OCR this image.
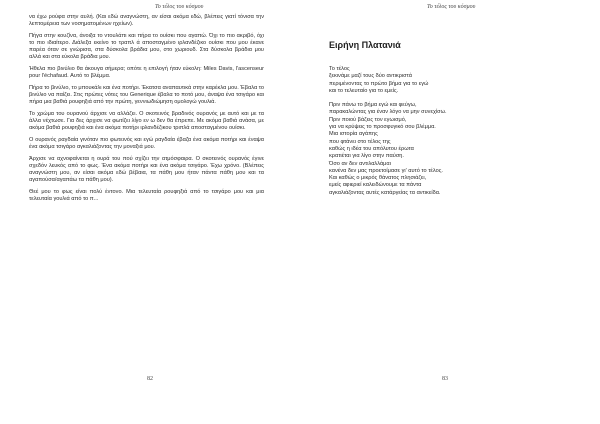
Το τέλος του κόσμου

να έχω ρούφα στην αυλή. (Και εδώ αναγνώστη, αν είσαι ακόμα εδώ, βλέπεις γιατί τόνισα την λεπτομέρεια των νοσηματομένων ηχείων).

Πήγα στην κουζίνα, άνοιξα το ντουλάπι και πήρα το ουίσκι που αγαπώ. Όχι το πιο ακριβό, όχι το πιο ιδιαίτερο. Διάλεξα εκείνο το τραπλ ά αποσταγμένο ιρλανδέζικο ουίσκι που μου έκανε παρέα όταν σε γνώρισα, στα δύσκολα βράδια μου, στο χωριουδ. Στα δύσκολα βράδια μου αλλά και στα εύκολα βράδια μου.

Ήθελα πιο βινύλιο θα άκουγα σήμερα; οπότε η επιλογή ήταν εύκολη: Miles Davis, l'ascenseur pour l'échafaud. Αυτό το βλέμμα.

Πήρα το βινύλιο, το μπουκάλι και ένα ποτήρι. Έκατσα αναπαυτικά στην καρέκλα μου. Έβαλα το βινύλιο να παίζει. Στις πρώτες νότες του Generique έβαλα το ποτό μου, άναψα ένα τσιγάρο και πήρα μια βαθιά ρουφηξιά από την πρώτη, γεννιωδιώμηση ομολογώ γουλιά.

Το χρώμα του ουρανού άρχισε να αλλάζει. Ο σκοτεινός βραδινός ουρανός με αυτό και με τα άλλα νέχτωσε. Για δες άρχισε να φωτίζει λίγο εν ω δεν θα έπρεπε. Με ακόμα βαθιά ανάσα, με ακόμα βαθιά ρουφηξιά και ένα ακόμα ποτήρι ιρλανδέζικου τριπλά αποσταγμένου ουίσκι.

Ο ουρανός ραγδαία γινόταν πιο φωτεινός και εγώ ραγδαία έβαζα ένα ακόμα ποτήρι και έναψα ένα ακόμα τσιγάρο αγκαλιάζοντας την μοναξιά μου.

Άρχισε να αχνοφαίνεται η ουρά του πού σχίζει την ατμόσφαιρα. Ο σκοτεινός ουρανός έγινε σχεδόν λευκός από το φως. Ένα ακόμα ποτήρι και ένα ακόμα τσιγάρο. Έχω χρόνο. (Βλέπεις αναγνώστη μου, αν είσαι ακόμα εδώ βέβαια, τα πάθη μου ήταν πάντα πάθη μου και τα αγαπούσα/αγαπάω τα πάθη μου).

Θεέ μου το φως είναι πολύ έντονο. Μια τελευταία ρουφηξιά από το τσιγάρο μου και μια τελευταία γουλιά από το π...

82
Το τέλος του κόσμου
Ειρήνη Πλατανιά
Το τέλος
ξεκινάμε μαζί τους δύο αντικριστά
περιμένοντας το πρώτο βήμα για το εγώ
και το τελευταίο για το εμείς.
Πριν πάνω το βήμα εγώ και φεύγω,
παρακαλώντας για έναν λόγο να μην συνεχίσω.
Πριν ποιού βάζεις τον εγωισμό,
για να κρύψεις το προσφυγικό σου βλέμμα.
Μια ιστορία αγάπης
που φτάνει στο τέλος της
καθώς η ιδέα του απόλυτου έρωτα
κρατιέται για λίγο στην παύση.
Όσο αν δεν αντιλαλλάμαι
κανένα δεν μας προετοίμασε γι' αυτό το τέλος.
Και καθώς ο μικρός θάνατος πλησιάζει,
εμείς αφιεριεί καλειδώνουμε τα πάντα
αγκαλιάζοντας αυτές κατάργείας τα αντικείδα.
83
